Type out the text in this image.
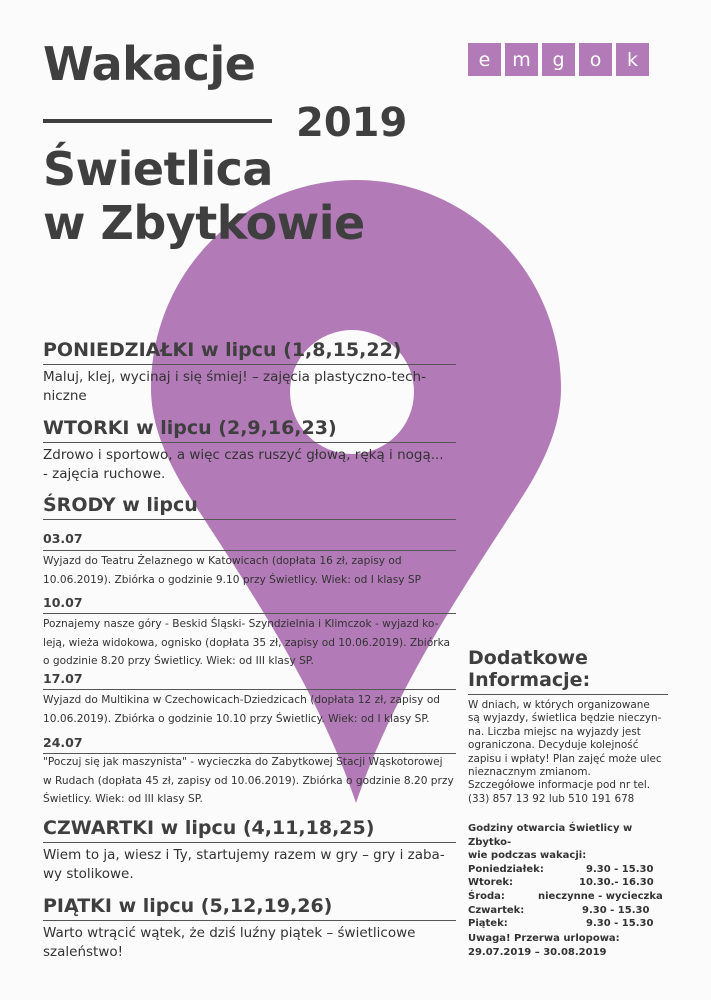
Wakacje
2019
Świetlica
w Zbytkowie
e	m	g	o	k
PONIEDZIAŁKI w lipcu (1,8,15,22)
Maluj, klej, wycinaj i się śmiej! – zajęcia plastyczno-tech-
niczne
WTORKI w lipcu (2,9,16,23)
Zdrowo i sportowo, a więc czas ruszyć głową, ręką i nogą...
- zajęcia ruchowe.
ŚRODY w lipcu
03.07
Wyjazd do Teatru Żelaznego w Katowicach (dopłata 16 zł, zapisy od
10.06.2019). Zbiórka o godzinie 9.10 przy Świetlicy. Wiek: od I klasy SP
10.07
Poznajemy nasze góry - Beskid Śląski- Szyndzielnia i Klimczok - wyjazd ko-
leją, wieża widokowa, ognisko (dopłata 35 zł, zapisy od 10.06.2019). Zbiórka
o godzinie 8.20 przy Świetlicy. Wiek: od III klasy SP.
17.07
Wyjazd do Multikina w Czechowicach-Dziedzicach (dopłata 12 zł, zapisy od
10.06.2019). Zbiórka o godzinie 10.10 przy Świetlicy. Wiek: od I klasy SP.
24.07
"Poczuj się jak maszynista" - wycieczka do Zabytkowej Stacji Wąskotorowej
w Rudach (dopłata 45 zł, zapisy od 10.06.2019). Zbiórka o godzinie 8.20 przy
Świetlicy. Wiek: od III klasy SP.
CZWARTKI w lipcu (4,11,18,25)
Wiem to ja, wiesz i Ty, startujemy razem w gry – gry i zaba-
wy stolikowe.
PIĄTKI w lipcu (5,12,19,26)
Warto wtrącić wątek, że dziś luźny piątek – świetlicowe
szaleństwo!
Dodatkowe
Informacje:
W dniach, w których organizowane
są wyjazdy, świetlica będzie nieczyn-
na. Liczba miejsc na wyjazdy jest
ograniczona. Decyduje kolejność
zapisu i wpłaty! Plan zajęć może ulec
nieznacznym zmianom.
Szczegółowe informacje pod nr tel.
(33) 857 13 92 lub 510 191 678
Godziny otwarcia Świetlicy w Zbytko-
wie podczas wakacji:
Poniedziałek:	9.30 - 15.30
Wtorek:	10.30.- 16.30
Środa:	nieczynne - wycieczka
Czwartek:	9.30 - 15.30
Piątek:	9.30 - 15.30
Uwaga! Przerwa urlopowa:
29.07.2019 – 30.08.2019
